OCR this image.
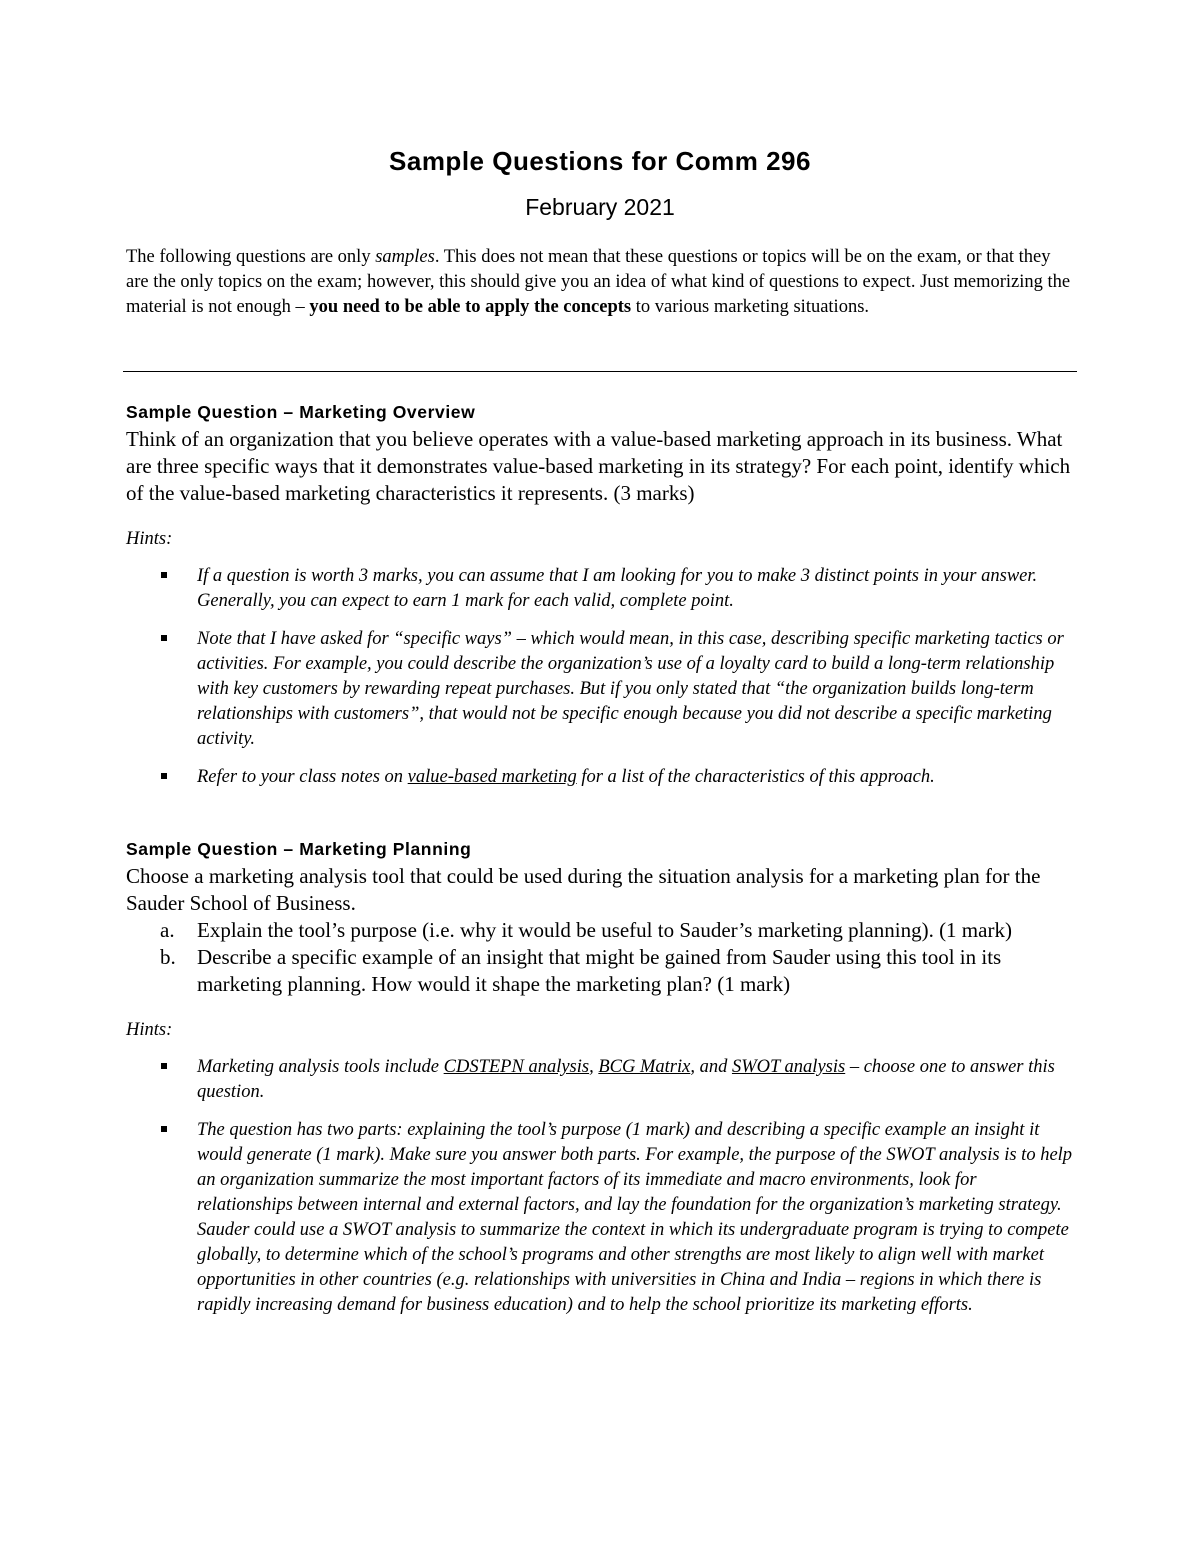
Sample Questions for Comm 296
February 2021
The following questions are only samples. This does not mean that these questions or topics will be on the exam, or that they are the only topics on the exam; however, this should give you an idea of what kind of questions to expect. Just memorizing the material is not enough – you need to be able to apply the concepts to various marketing situations.
Sample Question – Marketing Overview
Think of an organization that you believe operates with a value-based marketing approach in its business. What are three specific ways that it demonstrates value-based marketing in its strategy? For each point, identify which of the value-based marketing characteristics it represents. (3 marks)
Hints:
If a question is worth 3 marks, you can assume that I am looking for you to make 3 distinct points in your answer. Generally, you can expect to earn 1 mark for each valid, complete point.
Note that I have asked for “specific ways” – which would mean, in this case, describing specific marketing tactics or activities. For example, you could describe the organization’s use of a loyalty card to build a long-term relationship with key customers by rewarding repeat purchases. But if you only stated that “the organization builds long-term relationships with customers”, that would not be specific enough because you did not describe a specific marketing activity.
Refer to your class notes on value-based marketing for a list of the characteristics of this approach.
Sample Question – Marketing Planning
Choose a marketing analysis tool that could be used during the situation analysis for a marketing plan for the Sauder School of Business.
a. Explain the tool’s purpose (i.e. why it would be useful to Sauder’s marketing planning). (1 mark)
b. Describe a specific example of an insight that might be gained from Sauder using this tool in its marketing planning. How would it shape the marketing plan? (1 mark)
Hints:
Marketing analysis tools include CDSTEPN analysis, BCG Matrix, and SWOT analysis – choose one to answer this question.
The question has two parts: explaining the tool’s purpose (1 mark) and describing a specific example an insight it would generate (1 mark). Make sure you answer both parts. For example, the purpose of the SWOT analysis is to help an organization summarize the most important factors of its immediate and macro environments, look for relationships between internal and external factors, and lay the foundation for the organization’s marketing strategy. Sauder could use a SWOT analysis to summarize the context in which its undergraduate program is trying to compete globally, to determine which of the school’s programs and other strengths are most likely to align well with market opportunities in other countries (e.g. relationships with universities in China and India – regions in which there is rapidly increasing demand for business education) and to help the school prioritize its marketing efforts.
